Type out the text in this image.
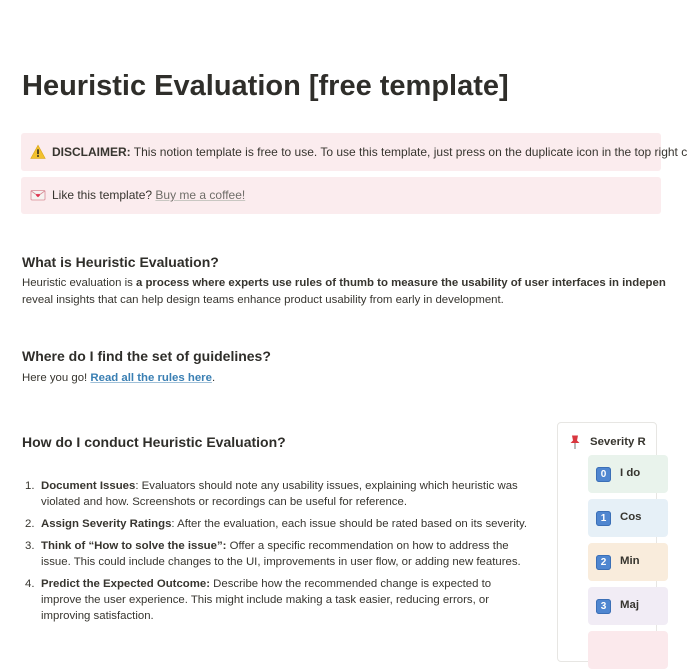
Heuristic Evaluation [free template]
DISCLAIMER: This notion template is free to use. To use this template, just press on the duplicate icon in the top right c
Like this template? Buy me a coffee!
What is Heuristic Evaluation?
Heuristic evaluation is a process where experts use rules of thumb to measure the usability of user interfaces in indepen
reveal insights that can help design teams enhance product usability from early in development.
Where do I find the set of guidelines?
Here you go! Read all the rules here.
How do I conduct Heuristic Evaluation?
1. Document Issues: Evaluators should note any usability issues, explaining which heuristic was violated and how. Screenshots or recordings can be useful for reference.
2. Assign Severity Ratings: After the evaluation, each issue should be rated based on its severity.
3. Think of “How to solve the issue”: Offer a specific recommendation on how to address the issue. This could include changes to the UI, improvements in user flow, or adding new features.
4. Predict the Expected Outcome: Describe how the recommended change is expected to improve the user experience. This might include making a task easier, reducing errors, or improving satisfaction.
Severity R
0	I do
1	Cos
2	Min
3	Maj
